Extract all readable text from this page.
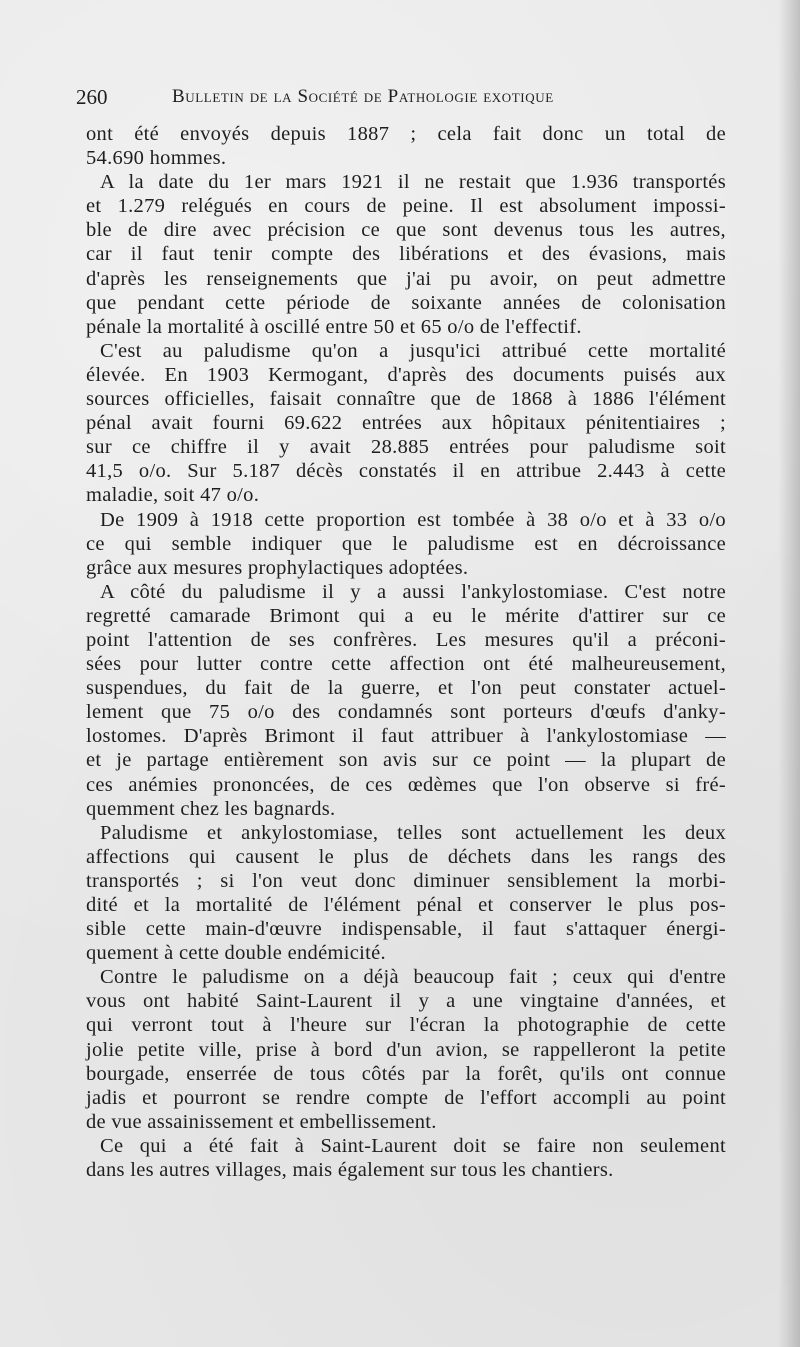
260	Bulletin de la Société de Pathologie exotique
ont été envoyés depuis 1887 ; cela fait donc un total de
54.690 hommes.
A la date du 1er mars 1921 il ne restait que 1.936 transportés
et 1.279 relégués en cours de peine. Il est absolument impossi-
ble de dire avec précision ce que sont devenus tous les autres,
car il faut tenir compte des libérations et des évasions, mais
d'après les renseignements que j'ai pu avoir, on peut admettre
que pendant cette période de soixante années de colonisation
pénale la mortalité à oscillé entre 50 et 65 o/o de l'effectif.
C'est au paludisme qu'on a jusqu'ici attribué cette mortalité
élevée. En 1903 Kermogant, d'après des documents puisés aux
sources officielles, faisait connaître que de 1868 à 1886 l'élément
pénal avait fourni 69.622 entrées aux hôpitaux pénitentiaires ;
sur ce chiffre il y avait 28.885 entrées pour paludisme soit
41,5 o/o. Sur 5.187 décès constatés il en attribue 2.443 à cette
maladie, soit 47 o/o.
De 1909 à 1918 cette proportion est tombée à 38 o/o et à 33 o/o
ce qui semble indiquer que le paludisme est en décroissance
grâce aux mesures prophylactiques adoptées.
A côté du paludisme il y a aussi l'ankylostomiase. C'est notre
regretté camarade Brimont qui a eu le mérite d'attirer sur ce
point l'attention de ses confrères. Les mesures qu'il a préconi-
sées pour lutter contre cette affection ont été malheureusement,
suspendues, du fait de la guerre, et l'on peut constater actuel-
lement que 75 o/o des condamnés sont porteurs d'œufs d'anky-
lostomes. D'après Brimont il faut attribuer à l'ankylostomiase —
et je partage entièrement son avis sur ce point — la plupart de
ces anémies prononcées, de ces œdèmes que l'on observe si fré-
quemment chez les bagnards.
Paludisme et ankylostomiase, telles sont actuellement les deux
affections qui causent le plus de déchets dans les rangs des
transportés ; si l'on veut donc diminuer sensiblement la morbi-
dité et la mortalité de l'élément pénal et conserver le plus pos-
sible cette main-d'œuvre indispensable, il faut s'attaquer énergi-
quement à cette double endémicité.
Contre le paludisme on a déjà beaucoup fait ; ceux qui d'entre
vous ont habité Saint-Laurent il y a une vingtaine d'années, et
qui verront tout à l'heure sur l'écran la photographie de cette
jolie petite ville, prise à bord d'un avion, se rappelleront la petite
bourgade, enserrée de tous côtés par la forêt, qu'ils ont connue
jadis et pourront se rendre compte de l'effort accompli au point
de vue assainissement et embellissement.
Ce qui a été fait à Saint-Laurent doit se faire non seulement
dans les autres villages, mais également sur tous les chantiers.
